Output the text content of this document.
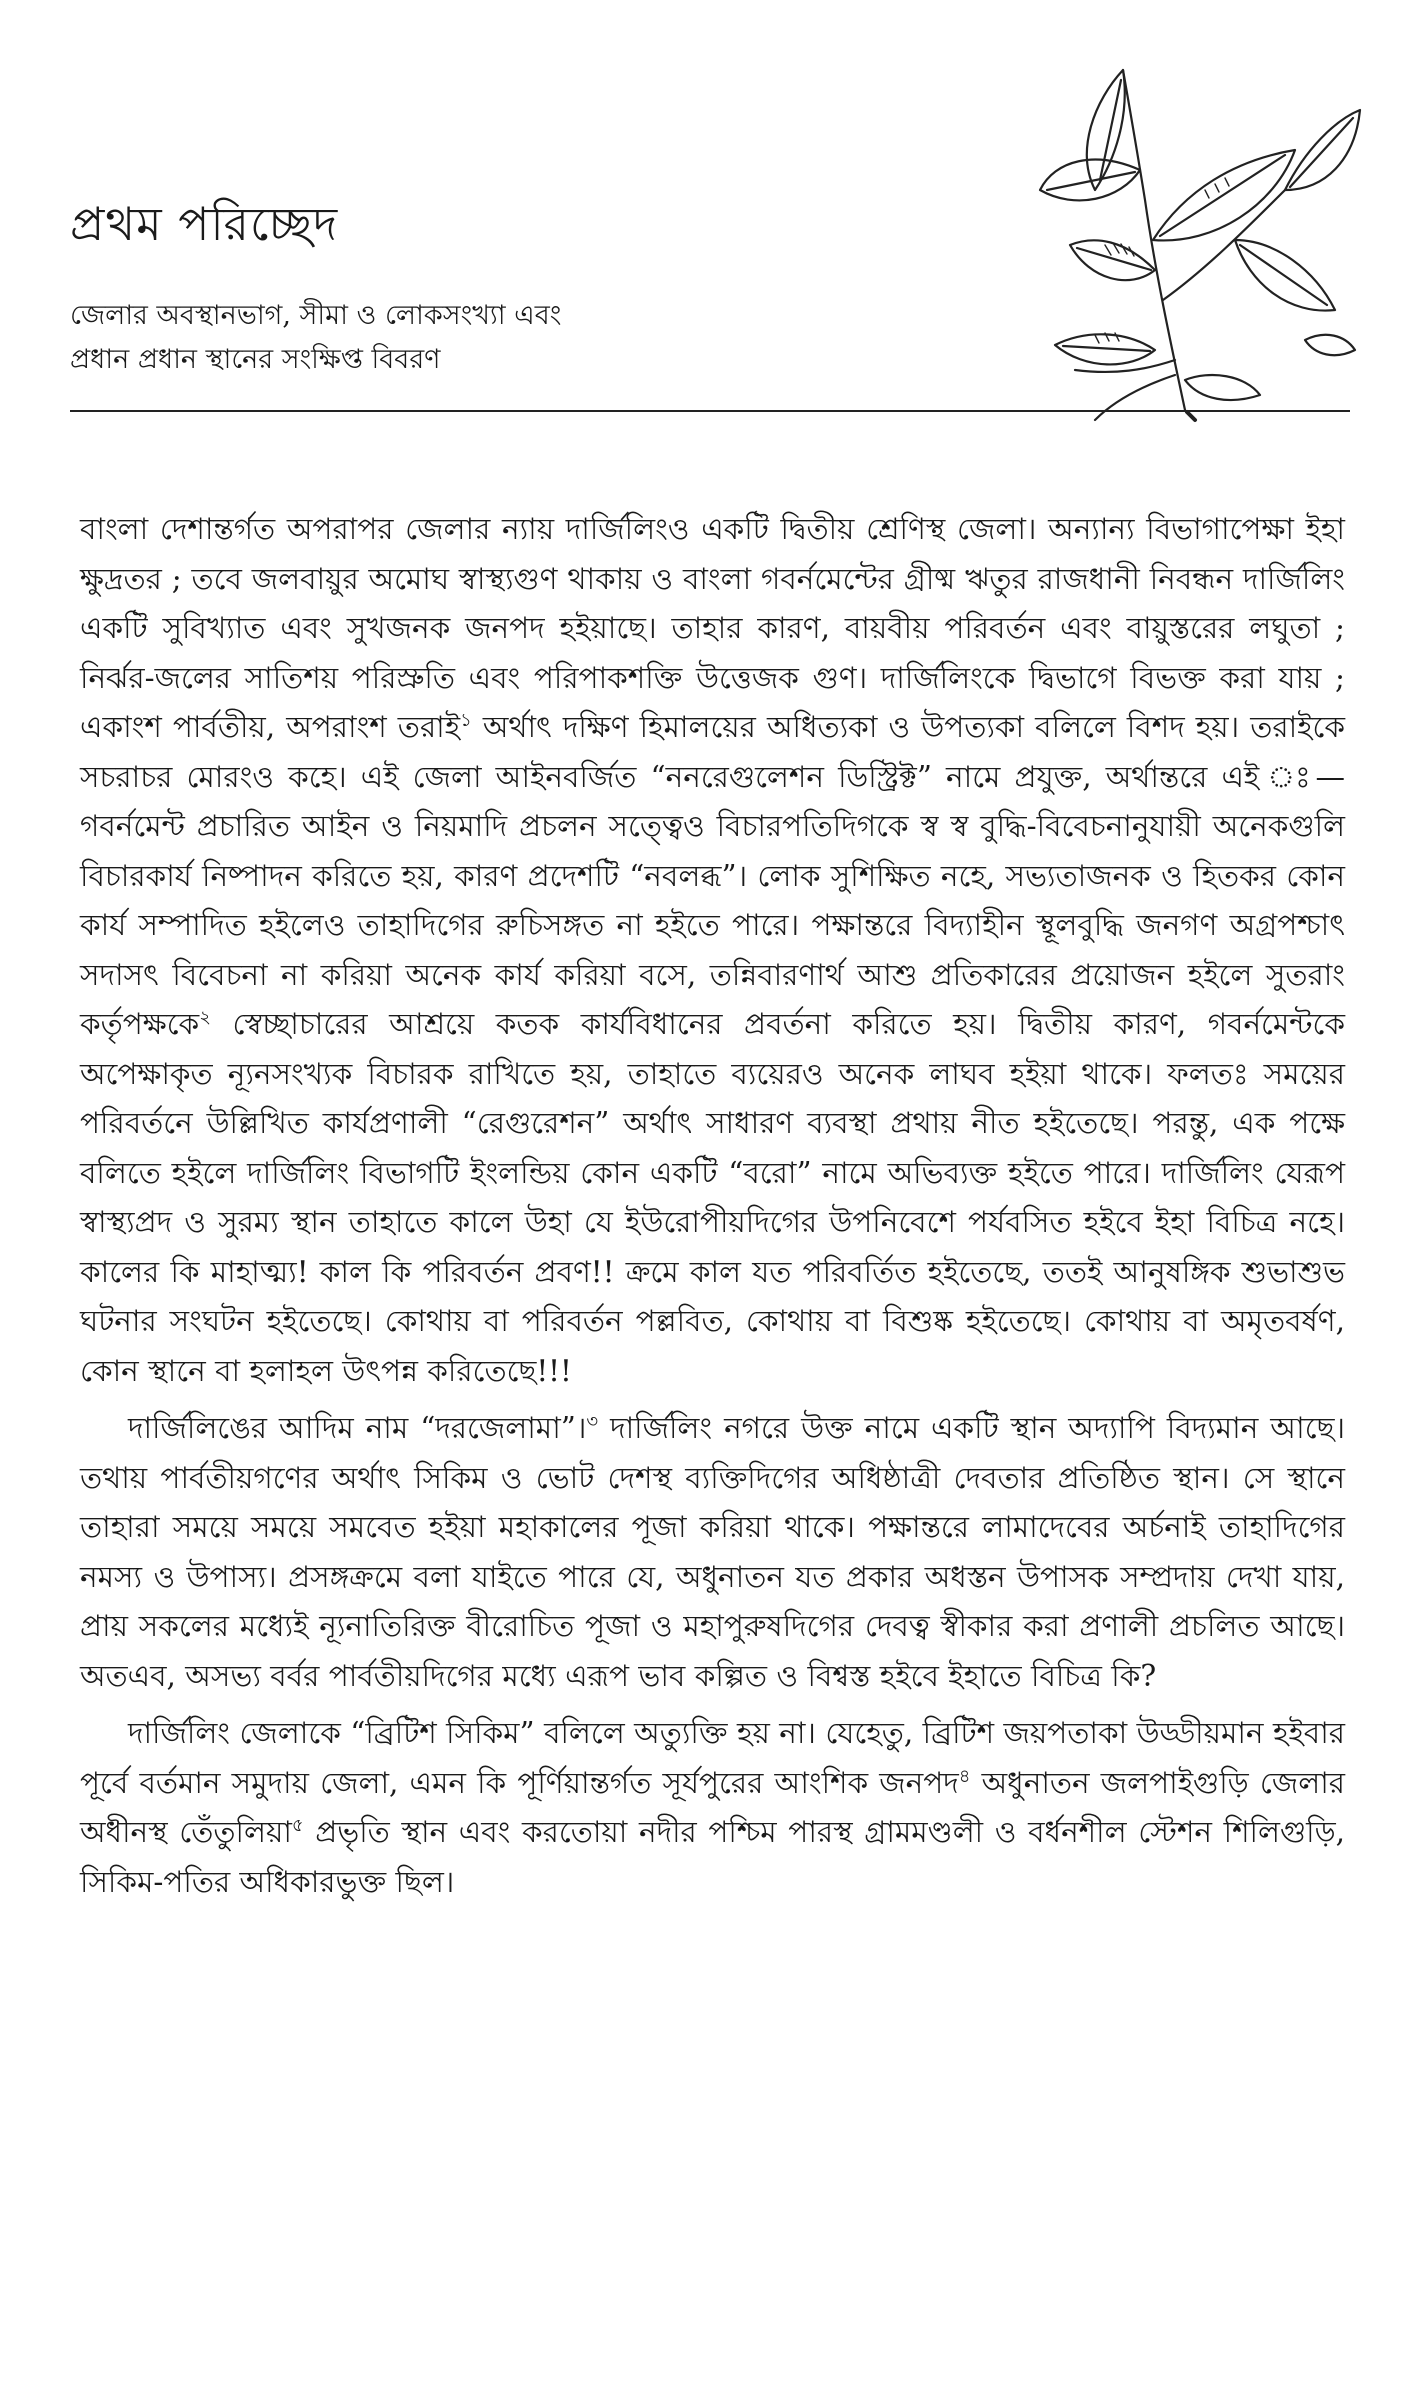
প্রথম পরিচ্ছেদ

জেলার অবস্থানভাগ, সীমা ও লোকসংখ্যা এবং
প্রধান প্রধান স্থানের সংক্ষিপ্ত বিবরণ

বাংলা দেশান্তর্গত অপরাপর জেলার ন্যায় দার্জিলিংও একটি দ্বিতীয় শ্রেণিস্থ জেলা। অন্যান্য বিভাগাপেক্ষা ইহা ক্ষুদ্রতর ; তবে জলবায়ুর অমোঘ স্বাস্থ্যগুণ থাকায় ও বাংলা গবর্নমেন্টের গ্রীষ্ম ঋতুর রাজধানী নিবন্ধন দার্জিলিং একটি সুবিখ্যাত এবং সুখজনক জনপদ হইয়াছে। তাহার কারণ, বায়বীয় পরিবর্তন এবং বায়ুস্তরের লঘুতা ; নির্ঝর-জলের সাতিশয় পরিস্রুতি এবং পরিপাকশক্তি উত্তেজক গুণ। দার্জিলিংকে দ্বিভাগে বিভক্ত করা যায় ; একাংশ পার্বতীয়, অপরাংশ তরাই$^১$ অর্থাৎ দক্ষিণ হিমালয়ের অধিত্যকা ও উপত্যকা বলিলে বিশদ হয়। তরাইকে সচরাচর মোরংও কহে। এই জেলা আইনবর্জিত “ননরেগুলেশন ডিস্ট্রিক্ট” নামে প্রযুক্ত, অর্থান্তরে এই ঃ—গবর্নমেন্ট প্রচারিত আইন ও নিয়মাদি প্রচলন সত্ত্বেও বিচারপতিদিগকে স্ব স্ব বুদ্ধি-বিবেচনানুযায়ী অনেকগুলি বিচারকার্য নিষ্পাদন করিতে হয়, কারণ প্রদেশটি “নবলব্ধ”। লোক সুশিক্ষিত নহে, সভ্যতাজনক ও হিতকর কোন কার্য সম্পাদিত হইলেও তাহাদিগের রুচিসঙ্গত না হইতে পারে। পক্ষান্তরে বিদ্যাহীন স্থূলবুদ্ধি জনগণ অগ্রপশ্চাৎ সদাসৎ বিবেচনা না করিয়া অনেক কার্য করিয়া বসে, তন্নিবারণার্থ আশু প্রতিকারের প্রয়োজন হইলে সুতরাং কর্তৃপক্ষকে$^২$ স্বেচ্ছাচারের আশ্রয়ে কতক কার্যবিধানের প্রবর্তনা করিতে হয়। দ্বিতীয় কারণ, গবর্নমেন্টকে অপেক্ষাকৃত ন্যূনসংখ্যক বিচারক রাখিতে হয়, তাহাতে ব্যয়েরও অনেক লাঘব হইয়া থাকে। ফলতঃ সময়ের পরিবর্তনে উল্লিখিত কার্যপ্রণালী “রেগুরেশন” অর্থাৎ সাধারণ ব্যবস্থা প্রথায় নীত হইতেছে। পরন্তু, এক পক্ষে বলিতে হইলে দার্জিলিং বিভাগটি ইংলন্ডিয় কোন একটি “বরো” নামে অভিব্যক্ত হইতে পারে। দার্জিলিং যেরূপ স্বাস্থ্যপ্রদ ও সুরম্য স্থান তাহাতে কালে উহা যে ইউরোপীয়দিগের উপনিবেশে পর্যবসিত হইবে ইহা বিচিত্র নহে। কালের কি মাহাত্ম্য! কাল কি পরিবর্তন প্রবণ!! ক্রমে কাল যত পরিবর্তিত হইতেছে, ততই আনুষঙ্গিক শুভাশুভ ঘটনার সংঘটন হইতেছে। কোথায় বা পরিবর্তন পল্লবিত, কোথায় বা বিশুষ্ক হইতেছে। কোথায় বা অমৃতবর্ষণ, কোন স্থানে বা হলাহল উৎপন্ন করিতেছে!!!

দার্জিলিঙের আদিম নাম “দরজেলামা”।$^৩$ দার্জিলিং নগরে উক্ত নামে একটি স্থান অদ্যাপি বিদ্যমান আছে। তথায় পার্বতীয়গণের অর্থাৎ সিকিম ও ভোট দেশস্থ ব্যক্তিদিগের অধিষ্ঠাত্রী দেবতার প্রতিষ্ঠিত স্থান। সে স্থানে তাহারা সময়ে সময়ে সমবেত হইয়া মহাকালের পূজা করিয়া থাকে। পক্ষান্তরে লামাদেবের অর্চনাই তাহাদিগের নমস্য ও উপাস্য। প্রসঙ্গক্রমে বলা যাইতে পারে যে, অধুনাতন যত প্রকার অধস্তন উপাসক সম্প্রদায় দেখা যায়, প্রায় সকলের মধ্যেই ন্যূনাতিরিক্ত বীরোচিত পূজা ও মহাপুরুষদিগের দেবত্ব স্বীকার করা প্রণালী প্রচলিত আছে। অতএব, অসভ্য বর্বর পার্বতীয়দিগের মধ্যে এরূপ ভাব কল্পিত ও বিশ্বস্ত হইবে ইহাতে বিচিত্র কি?

দার্জিলিং জেলাকে “ব্রিটিশ সিকিম” বলিলে অত্যুক্তি হয় না। যেহেতু, ব্রিটিশ জয়পতাকা উড্ডীয়মান হইবার পূর্বে বর্তমান সমুদায় জেলা, এমন কি পূর্ণিয়ান্তর্গত সূর্যপুরের আংশিক জনপদ$^৪$ অধুনাতন জলপাইগুড়ি জেলার অধীনস্থ তেঁতুলিয়া$^৫$ প্রভৃতি স্থান এবং করতোয়া নদীর পশ্চিম পারস্থ গ্রামমণ্ডলী ও বর্ধনশীল স্টেশন শিলিগুড়ি, সিকিম-পতির অধিকারভুক্ত ছিল।
